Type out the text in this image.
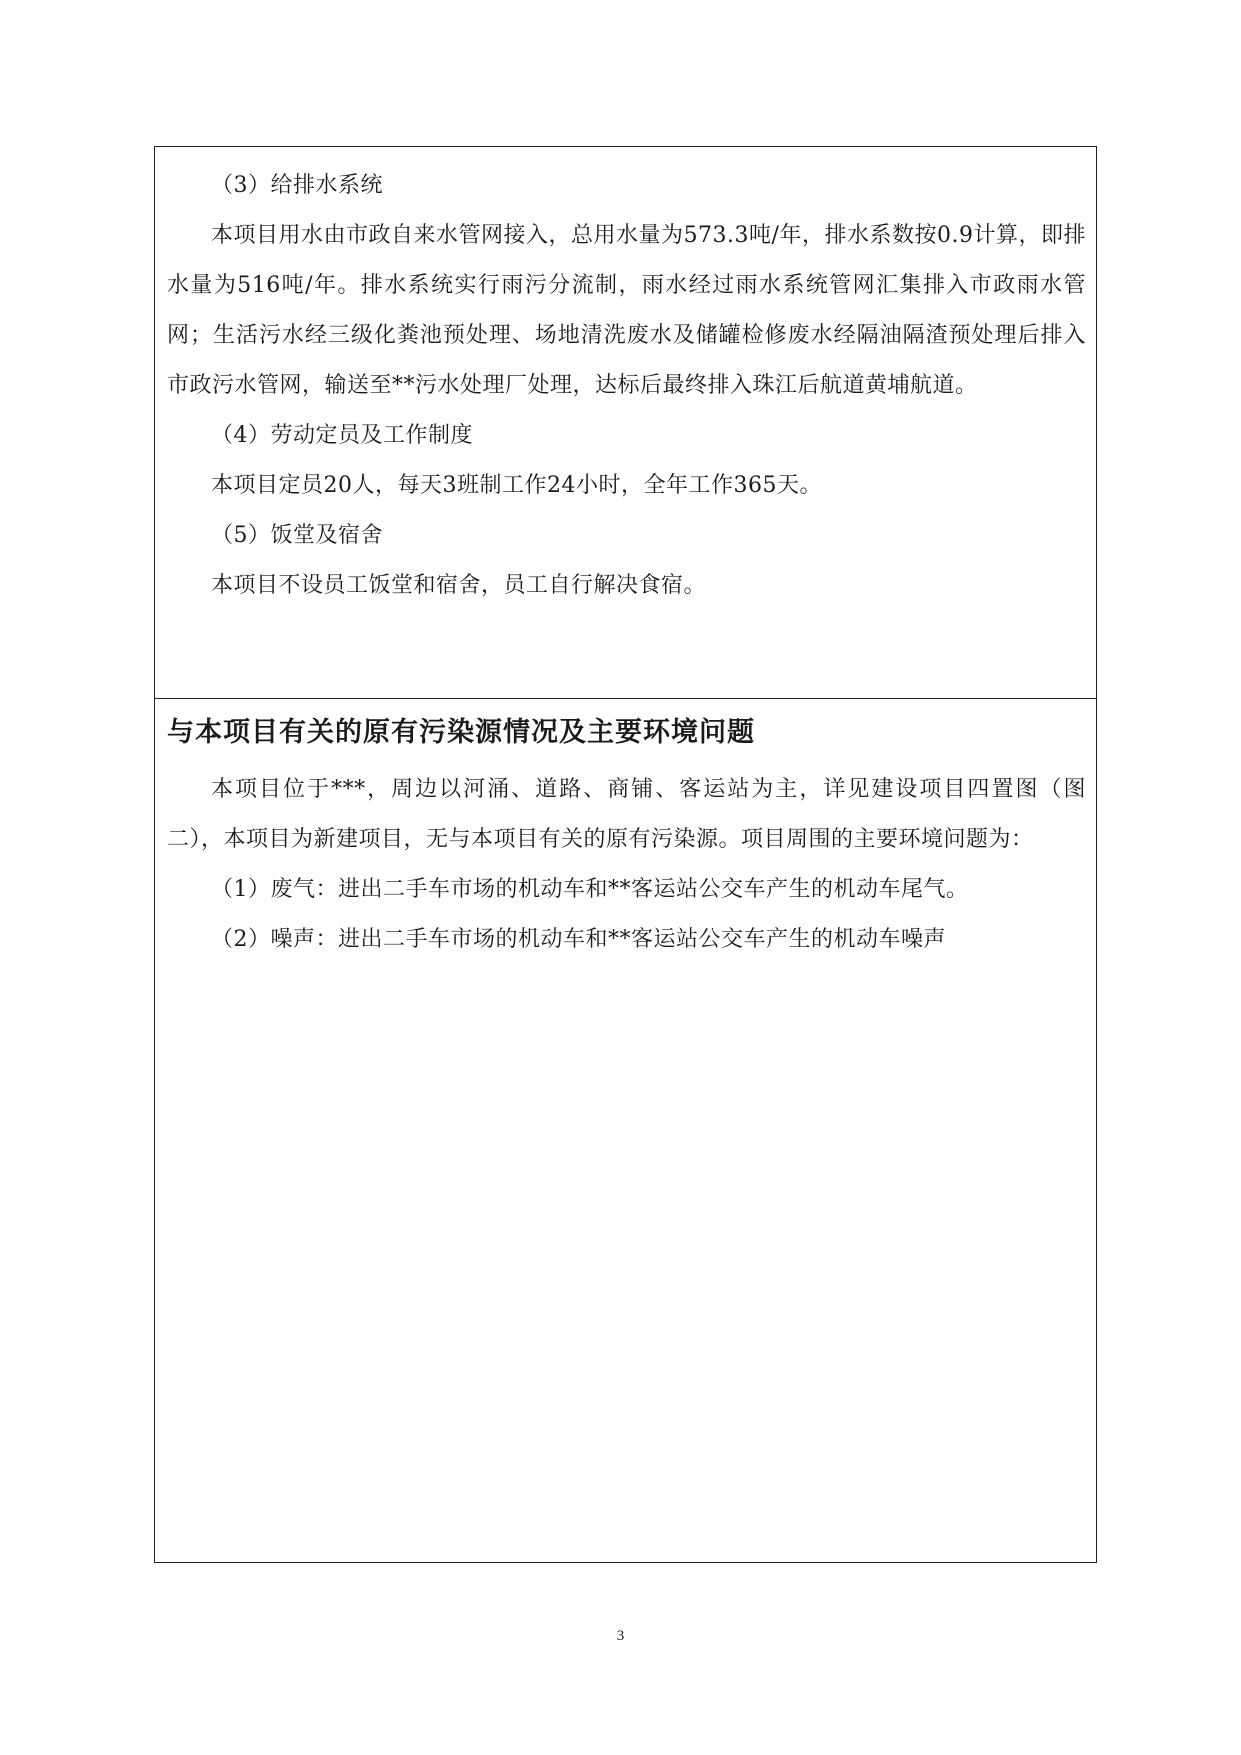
（3）给排水系统

本项目用水由市政自来水管网接入，总用水量为573.3吨/年，排水系数按0.9计算，即排水量为516吨/年。排水系统实行雨污分流制，雨水经过雨水系统管网汇集排入市政雨水管网；生活污水经三级化粪池预处理、场地清洗废水及储罐检修废水经隔油隔渣预处理后排入市政污水管网，输送至**污水处理厂处理，达标后最终排入珠江后航道黄埔航道。

（4）劳动定员及工作制度

本项目定员20人，每天3班制工作24小时，全年工作365天。

（5）饭堂及宿舍

本项目不设员工饭堂和宿舍，员工自行解决食宿。

与本项目有关的原有污染源情况及主要环境问题

本项目位于***，周边以河涌、道路、商铺、客运站为主，详见建设项目四置图（图二），本项目为新建项目，无与本项目有关的原有污染源。项目周围的主要环境问题为：

（1）废气：进出二手车市场的机动车和**客运站公交车产生的机动车尾气。

（2）噪声：进出二手车市场的机动车和**客运站公交车产生的机动车噪声

3
